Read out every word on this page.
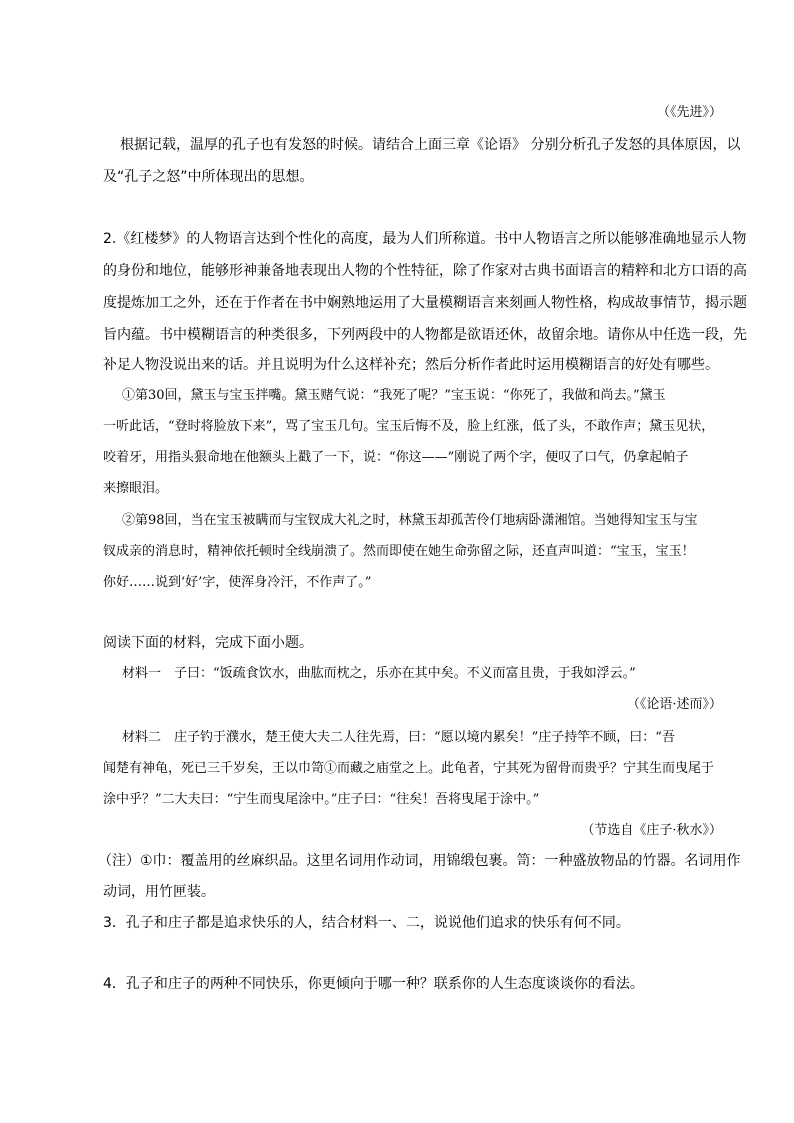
（《先进》）
根据记载，温厚的孔子也有发怒的时候。请结合上面三章《论语》 分别分析孔子发怒的具体原因，以
及“孔子之怒”中所体现出的思想。
2.《红楼梦》的人物语言达到个性化的高度，最为人们所称道。书中人物语言之所以能够准确地显示人物
的身份和地位，能够形神兼备地表现出人物的个性特征，除了作家对古典书面语言的精粹和北方口语的高
度提炼加工之外，还在于作者在书中娴熟地运用了大量模糊语言来刻画人物性格，构成故事情节，揭示题
旨内蕴。书中模糊语言的种类很多，下列两段中的人物都是欲语还休，故留余地。请你从中任选一段，先
补足人物没说出来的话。并且说明为什么这样补充；然后分析作者此时运用模糊语言的好处有哪些。
①第30回，黛玉与宝玉拌嘴。黛玉赌气说：“我死了呢？”宝玉说：“你死了，我做和尚去。”黛玉
一听此话，“登时将脸放下来”，骂了宝玉几句。宝玉后悔不及，脸上红涨，低了头，不敢作声；黛玉见状，
咬着牙，用指头狠命地在他额头上戳了一下，说：“你这——”刚说了两个字，便叹了口气，仍拿起帕子
来擦眼泪。
②第98回，当在宝玉被瞒而与宝钗成大礼之时，林黛玉却孤苦伶仃地病卧潇湘馆。当她得知宝玉与宝
钗成亲的消息时，精神依托顿时全线崩溃了。然而即使在她生命弥留之际，还直声叫道：“宝玉，宝玉！
你好……说到‘好’字，使浑身冷汗，不作声了。”
阅读下面的材料，完成下面小题。
材料一　子曰：“饭疏食饮水，曲肱而枕之，乐亦在其中矣。不义而富且贵，于我如浮云。”
（《论语·述而》）
材料二　庄子钓于濮水，楚王使大夫二人往先焉，曰：“愿以境内累矣！”庄子持竿不顾，曰：“吾
闻楚有神龟，死已三千岁矣，王以巾笥①而藏之庙堂之上。此龟者，宁其死为留骨而贵乎？宁其生而曳尾于
涂中乎？”二大夫曰：“宁生而曳尾涂中。”庄子曰：“往矣！吾将曳尾于涂中。”
（节选自《庄子·秋水》）
（注）①巾：覆盖用的丝麻织品。这里名词用作动词，用锦缎包裹。笥：一种盛放物品的竹器。名词用作
动词，用竹匣装。
3．孔子和庄子都是追求快乐的人，结合材料一、二，说说他们追求的快乐有何不同。
4．孔子和庄子的两种不同快乐，你更倾向于哪一种？联系你的人生态度谈谈你的看法。
